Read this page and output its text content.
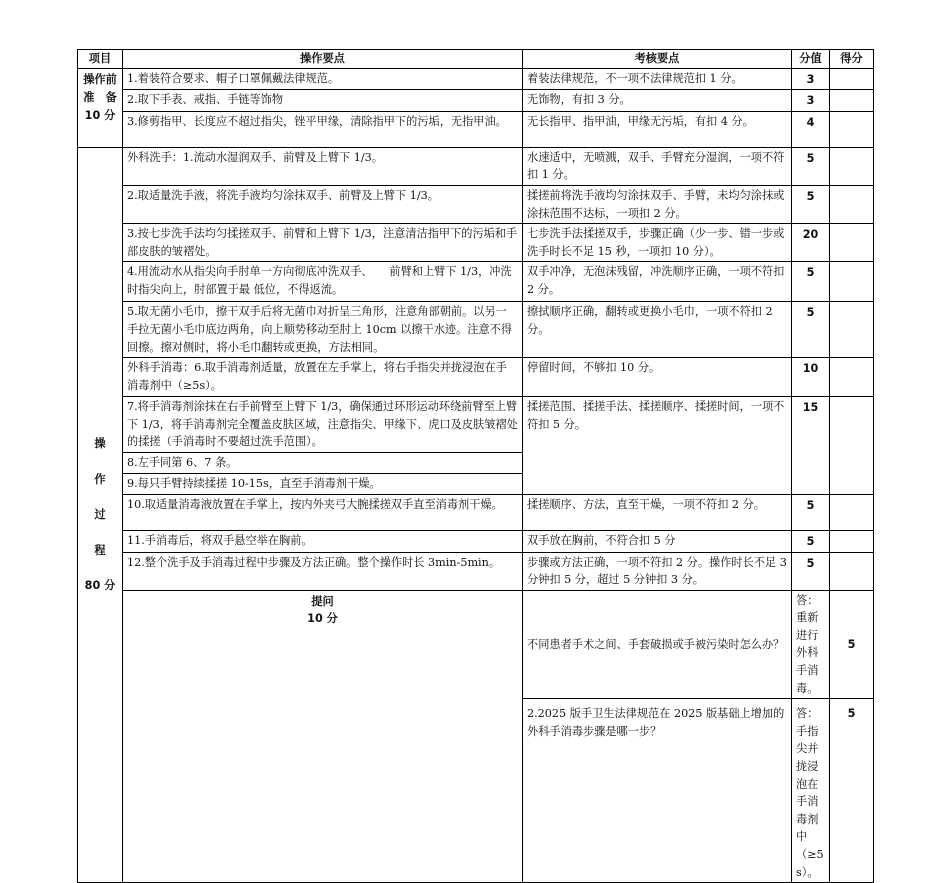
项目	操作要点	考核要点	分值	得分	

操作前
准　备
10 分	1.着装符合要求、帽子口罩佩戴法律规范。	着装法律规范，不一项不法律规范扣 1 分。	3		
	2.取下手表、戒指、手链等饰物	无饰物，有扣 3 分。	3		
	3.修剪指甲、长度应不超过指尖，锉平甲缘，清除指甲下的污垢，无指甲油。	无长指甲、指甲油，甲缘无污垢，有扣 4 分。	4		

操
作
过
程
80 分	外科洗手：1.流动水湿润双手、前臂及上臂下 1/3。	水速适中，无喷溅，双手、手臂充分湿润，一项不符扣 1 分。	5		
	2.取适量洗手液，将洗手液均匀涂抹双手、前臂及上臂下 1/3。	揉搓前将洗手液均匀涂抹双手、手臂，未均匀涂抹或涂抹范围不达标，一项扣 2 分。	5		
	3.按七步洗手法均匀揉搓双手、前臂和上臂下 1/3，注意清洁指甲下的污垢和手部皮肤的皱褶处。	七步洗手法揉搓双手，步骤正确（少一步、错一步或洗手时长不足 15 秒，一项扣 10 分）。	20		
	4.用流动水从指尖向手肘单一方向彻底冲洗双手、　　前臂和上臂下 1/3，冲洗时指尖向上，肘部置于最 低位，不得返流。	双手冲净，无泡沫残留，冲洗顺序正确，一项不符扣 2 分。	5		
	5.取无菌小毛巾，擦干双手后将无菌巾对折呈三角形，注意角部朝前。以另一手拉无菌小毛巾底边两角，向上顺势移动至肘上 10cm 以擦干水迹。注意不得回擦。擦对侧时，将小毛巾翻转或更换，方法相同。	擦拭顺序正确，翻转或更换小毛巾，一项不符扣 2 分。	5		
	外科手消毒：6.取手消毒剂适量，放置在左手掌上，将右手指尖并拢浸泡在手消毒剂中（≥5s）。	停留时间，不够扣 10 分。	10		
	7.将手消毒剂涂抹在右手前臂至上臂下 1/3，确保通过环形运动环绕前臂至上臂下 1/3，将手消毒剂完全覆盖皮肤区域，注意指尖、甲缘下、虎口及皮肤皱褶处的揉搓（手消毒时不要超过洗手范围）。	揉搓范围、揉搓手法、揉搓顺序、揉搓时间，一项不符扣 5 分。	15		
	8.左手同第 6、7 条。				
	9.每只手臂持续揉搓 10-15s，直至手消毒剂干燥。				
	10.取适量消毒液放置在手掌上，按内外夹弓大腕揉搓双手直至消毒剂干燥。	揉搓顺序、方法，直至干燥，一项不符扣 2 分。	5		
	11.手消毒后，将双手悬空举在胸前。	双手放在胸前，不符合扣 5 分	5		
	12.整个洗手及手消毒过程中步骤及方法正确。整个操作时长 3min-5min。	步骤或方法正确，一项不符扣 2 分。操作时长不足 3 分钟扣 5 分，超过 5 分钟扣 3 分。	5		

	提问
10 分	不同患者手术之间、手套破损或手被污染时怎么办？	答：重新进行外科手消毒。	5	
		2.2025 版手卫生法律规范在 2025 版基础上增加的外科手消毒步骤是哪一步？	答：手指尖并拢浸泡在手消毒剂中（≥5s）。	5	
